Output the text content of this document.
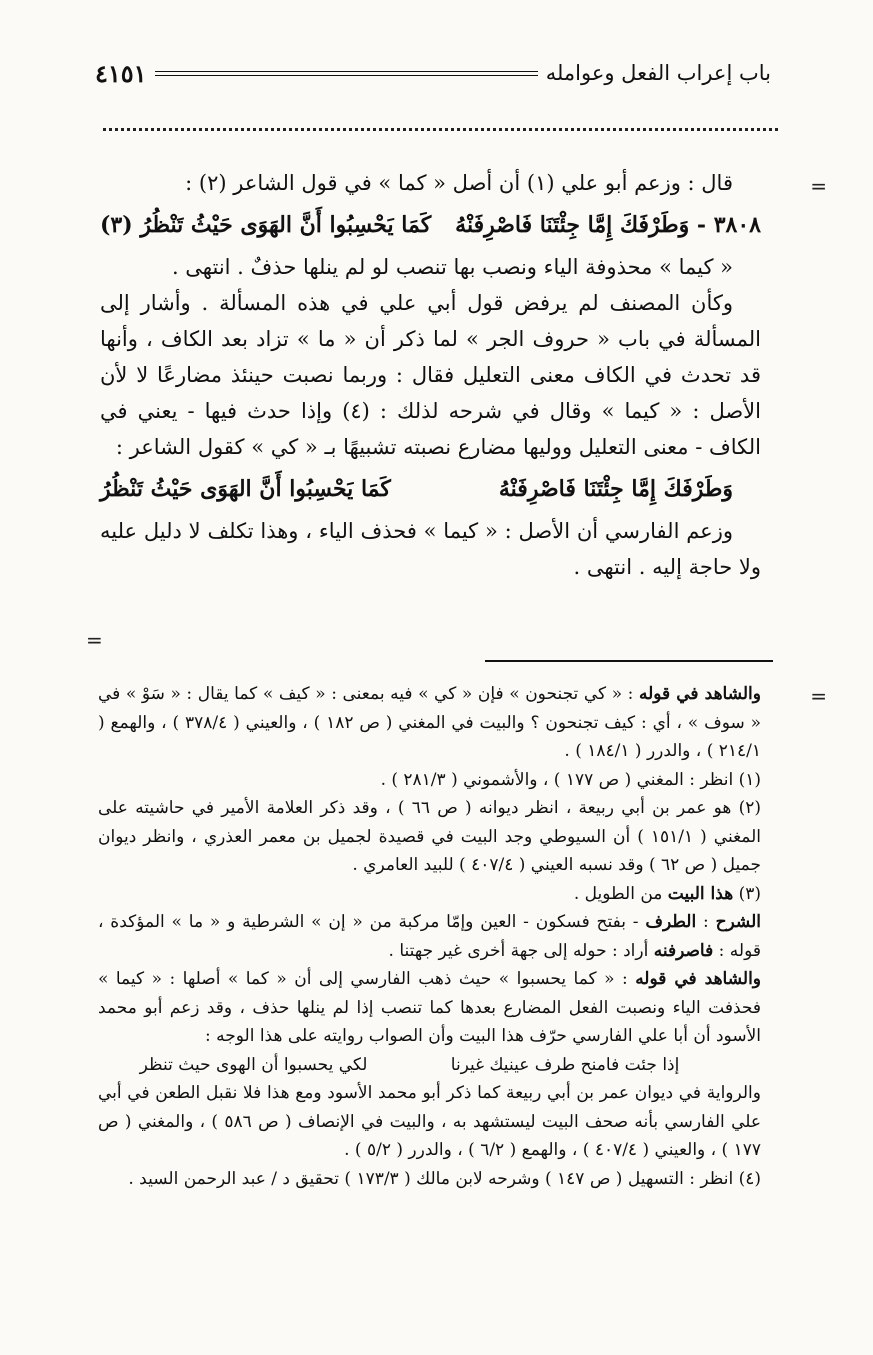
باب إعراب الفعل وعوامله
٤١٥١
=

قال : وزعم أبو علي (١) أن أصل « كما » في قول الشاعر (٢) :

٣٨٠٨ - وَطَرْفَكَ إِمَّا جِئْتَنَا فَاصْرِفَنْهُ
كَمَا يَحْسِبُوا أَنَّ الهَوَى حَيْثُ تَنْظُرُ (٣)

« كيما » محذوفة الياء ونصب بها تنصب لو لم ينلها حذفٌ . انتهى .

وكأن المصنف لم يرفض قول أبي علي في هذه المسألة . وأشار إلى المسألة في باب « حروف الجر » لما ذكر أن « ما » تزاد بعد الكاف ، وأنها قد تحدث في الكاف معنى التعليل فقال : وربما نصبت حينئذ مضارعًا لا لأن الأصل : « كيما » وقال في شرحه لذلك : (٤) وإذا حدث فيها - يعني في الكاف - معنى التعليل ووليها مضارع نصبته تشبيهًا بـ « كي » كقول الشاعر :

وَطَرْفَكَ إِمَّا جِئْتَنَا فَاصْرِفَنْهُ
كَمَا يَحْسِبُوا أَنَّ الهَوَى حَيْثُ تَنْظُرُ

وزعم الفارسي أن الأصل : « كيما » فحذف الياء ، وهذا تكلف لا دليل عليه ولا حاجة إليه . انتهى .

=
=

والشاهد في قوله : « كي تجنحون » فإن « كي » فيه بمعنى : « كيف » كما يقال : « سَوْ » في « سوف » ، أي : كيف تجنحون ؟ والبيت في المغني ( ص ١٨٢ ) ، والعيني ( ٣٧٨/٤ ) ، والهمع ( ٢١٤/١ ) ، والدرر ( ١٨٤/١ ) .

(١) انظر : المغني ( ص ١٧٧ ) ، والأشموني ( ٢٨١/٣ ) .

(٢) هو عمر بن أبي ربيعة ، انظر ديوانه ( ص ٦٦ ) ، وقد ذكر العلامة الأمير في حاشيته على المغني ( ١٥١/١ ) أن السيوطي وجد البيت في قصيدة لجميل بن معمر العذري ، وانظر ديوان جميل ( ص ٦٢ ) وقد نسبه العيني ( ٤٠٧/٤ ) للبيد العامري .

(٣) هذا البيت من الطويل .

الشرح : الطرف - بفتح فسكون - العين وإمّا مركبة من « إن » الشرطية و « ما » المؤكدة ، قوله : فاصرفنه أراد : حوله إلى جهة أخرى غير جهتنا .

والشاهد في قوله : « كما يحسبوا » حيث ذهب الفارسي إلى أن « كما » أصلها : « كيما » فحذفت الياء ونصبت الفعل المضارع بعدها كما تنصب إذا لم ينلها حذف ، وقد زعم أبو محمد الأسود أن أبا علي الفارسي حرّف هذا البيت وأن الصواب روايته على هذا الوجه :

إذا جئت فامنح طرف عينيك غيرنا
لكي يحسبوا أن الهوى حيث تنظر

والرواية في ديوان عمر بن أبي ربيعة كما ذكر أبو محمد الأسود ومع هذا فلا نقبل الطعن في أبي علي الفارسي بأنه صحف البيت ليستشهد به ، والبيت في الإنصاف ( ص ٥٨٦ ) ، والمغني ( ص ١٧٧ ) ، والعيني ( ٤٠٧/٤ ) ، والهمع ( ٦/٢ ) ، والدرر ( ٥/٢ ) .

(٤) انظر : التسهيل ( ص ١٤٧ ) وشرحه لابن مالك ( ١٧٣/٣ ) تحقيق د / عبد الرحمن السيد .
